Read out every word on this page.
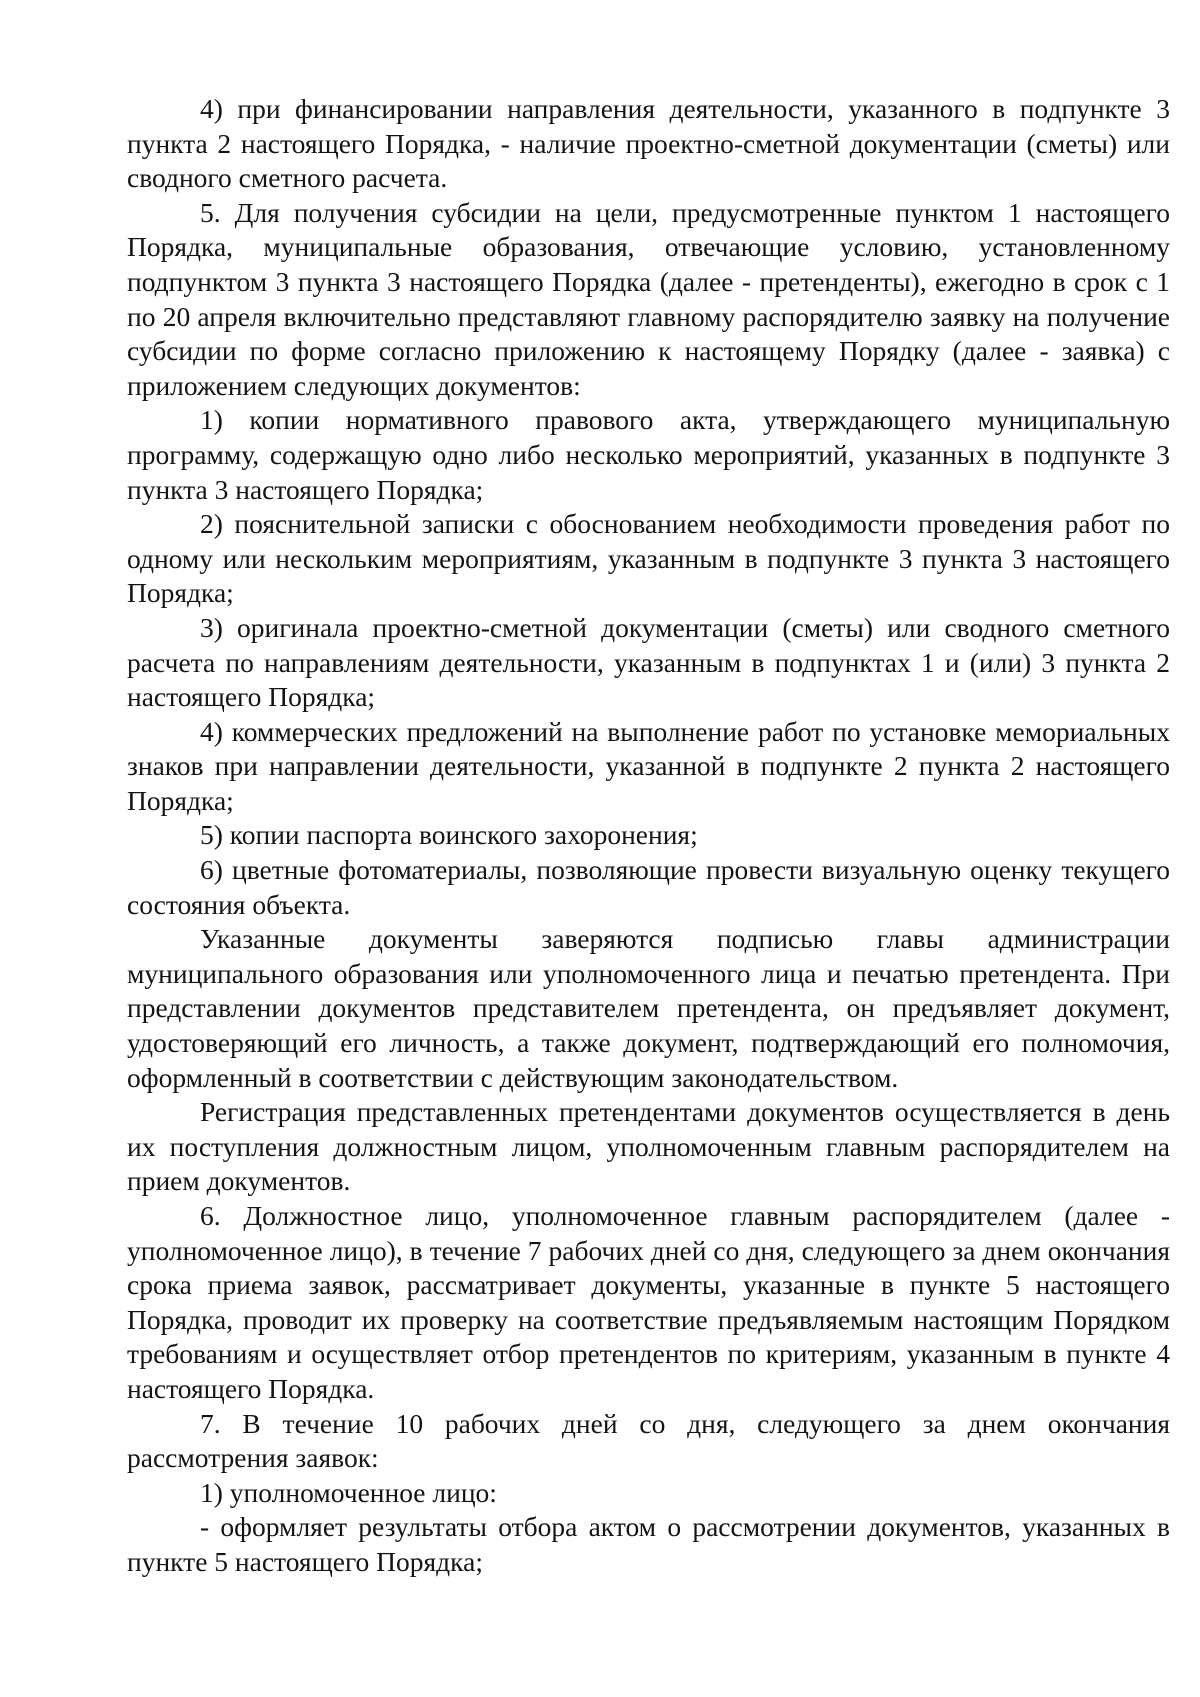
4) при финансировании направления деятельности, указанного в подпункте 3 пункта 2 настоящего Порядка, - наличие проектно-сметной документации (сметы) или сводного сметного расчета.

5. Для получения субсидии на цели, предусмотренные пунктом 1 настоящего Порядка, муниципальные образования, отвечающие условию, установленному подпунктом 3 пункта 3 настоящего Порядка (далее - претенденты), ежегодно в срок с 1 по 20 апреля включительно представляют главному распорядителю заявку на получение субсидии по форме согласно приложению к настоящему Порядку (далее - заявка) с приложением следующих документов:

1) копии нормативного правового акта, утверждающего муниципальную программу, содержащую одно либо несколько мероприятий, указанных в подпункте 3 пункта 3 настоящего Порядка;

2) пояснительной записки с обоснованием необходимости проведения работ по одному или нескольким мероприятиям, указанным в подпункте 3 пункта 3 настоящего Порядка;

3) оригинала проектно-сметной документации (сметы) или сводного сметного расчета по направлениям деятельности, указанным в подпунктах 1 и (или) 3 пункта 2 настоящего Порядка;

4) коммерческих предложений на выполнение работ по установке мемориальных знаков при направлении деятельности, указанной в подпункте 2 пункта 2 настоящего Порядка;

5) копии паспорта воинского захоронения;

6) цветные фотоматериалы, позволяющие провести визуальную оценку текущего состояния объекта.

Указанные документы заверяются подписью главы администрации муниципального образования или уполномоченного лица и печатью претендента. При представлении документов представителем претендента, он предъявляет документ, удостоверяющий его личность, а также документ, подтверждающий его полномочия, оформленный в соответствии с действующим законодательством.

Регистрация представленных претендентами документов осуществляется в день их поступления должностным лицом, уполномоченным главным распорядителем на прием документов.

6. Должностное лицо, уполномоченное главным распорядителем (далее - уполномоченное лицо), в течение 7 рабочих дней со дня, следующего за днем окончания срока приема заявок, рассматривает документы, указанные в пункте 5 настоящего Порядка, проводит их проверку на соответствие предъявляемым настоящим Порядком требованиям и осуществляет отбор претендентов по критериям, указанным в пункте 4 настоящего Порядка.

7. В течение 10 рабочих дней со дня, следующего за днем окончания рассмотрения заявок:

1) уполномоченное лицо:

- оформляет результаты отбора актом о рассмотрении документов, указанных в пункте 5 настоящего Порядка;
